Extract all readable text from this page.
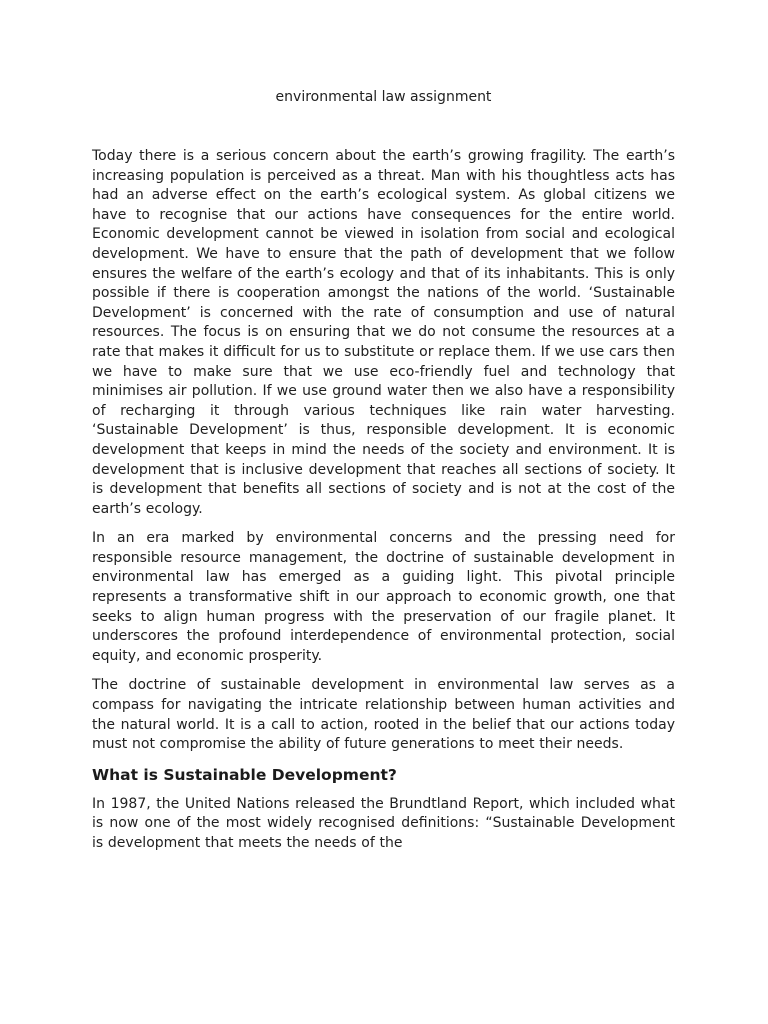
environmental law assignment

Today there is a serious concern about the earth’s growing fragility. The earth’s increasing population is perceived as a threat. Man with his thoughtless acts has had an adverse effect on the earth’s ecological system. As global citizens we have to recognise that our actions have consequences for the entire world. Economic development cannot be viewed in isolation from social and ecological development. We have to ensure that the path of development that we follow ensures the welfare of the earth’s ecology and that of its inhabitants. This is only possible if there is cooperation amongst the nations of the world. ‘Sustainable Development’ is concerned with the rate of consumption and use of natural resources. The focus is on ensuring that we do not consume the resources at a rate that makes it difficult for us to substitute or replace them. If we use cars then we have to make sure that we use eco-friendly fuel and technology that minimises air pollution. If we use ground water then we also have a responsibility of recharging it through various techniques like rain water harvesting. ‘Sustainable Development’ is thus, responsible development. It is economic development that keeps in mind the needs of the society and environment. It is development that is inclusive development that reaches all sections of society. It is development that benefits all sections of society and is not at the cost of the earth’s ecology.

In an era marked by environmental concerns and the pressing need for responsible resource management, the doctrine of sustainable development in environmental law has emerged as a guiding light. This pivotal principle represents a transformative shift in our approach to economic growth, one that seeks to align human progress with the preservation of our fragile planet. It underscores the profound interdependence of environmental protection, social equity, and economic prosperity.

The doctrine of sustainable development in environmental law serves as a compass for navigating the intricate relationship between human activities and the natural world. It is a call to action, rooted in the belief that our actions today must not compromise the ability of future generations to meet their needs.

What is Sustainable Development?

In 1987, the United Nations released the Brundtland Report, which included what is now one of the most widely recognised definitions: “Sustainable Development is development that meets the needs of the
